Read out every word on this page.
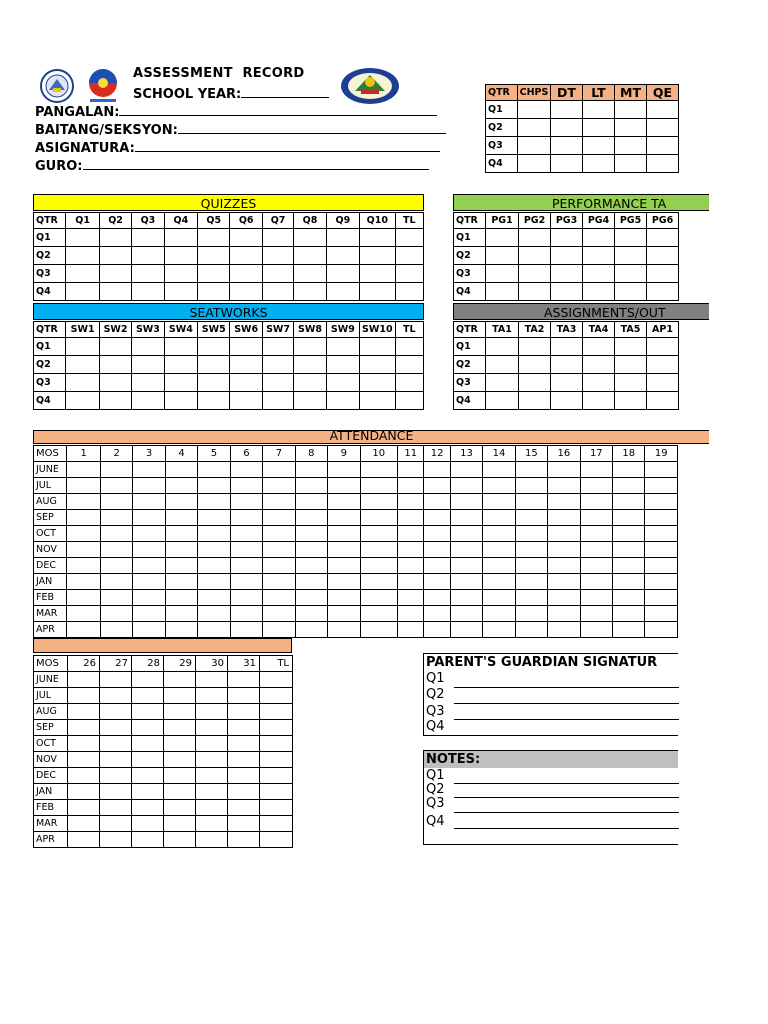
ASSESSMENT  RECORD
SCHOOL YEAR:
PANGALAN:
BAITANG/SEKSYON:
ASIGNATURA:
GURO:
QTR	CHPS	DT	LT	MT	QE
Q1					
Q2					
Q3					
Q4					
QUIZZES
QTR	Q1	Q2	Q3	Q4	Q5	Q6	Q7	Q8	Q9	Q10	TL
Q1											
Q2											
Q3											
Q4											
PERFORMANCE TA
QTR	PG1	PG2	PG3	PG4	PG5	PG6
Q1						
Q2						
Q3						
Q4						
SEATWORKS
QTR	SW1	SW2	SW3	SW4	SW5	SW6	SW7	SW8	SW9	SW10	TL
Q1											
Q2											
Q3											
Q4											
ASSIGNMENTS/OUT
QTR	TA1	TA2	TA3	TA4	TA5	AP1
Q1						
Q2						
Q3						
Q4						
ATTENDANCE
MOS	1	2	3	4	5	6	7	8	9	10	11	12	13	14	15	16	17	18	19
JUNE																			
JUL																			
AUG																			
SEP																			
OCT																			
NOV																			
DEC																			
JAN																			
FEB																			
MAR																			
APR																			
MOS	26	27	28	29	30	31	TL
JUNE							
JUL							
AUG							
SEP							
OCT							
NOV							
DEC							
JAN							
FEB							
MAR							
APR							
PARENT'S GUARDIAN SIGNATUR
Q1
Q2
Q3
Q4
NOTES:
Q1
Q2
Q3
Q4
